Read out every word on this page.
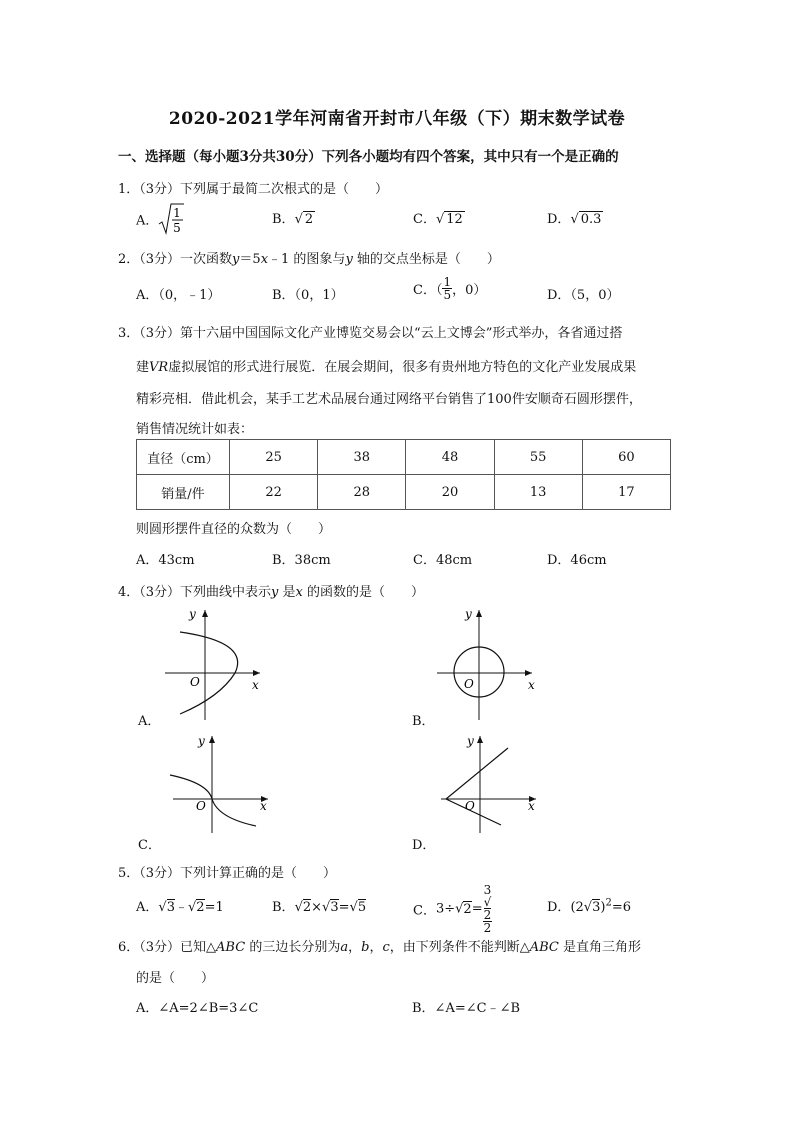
2020-2021学年河南省开封市八年级（下）期末数学试卷
一、选择题（每小题3分共30分）下列各小题均有四个答案，其中只有一个是正确的
1．（3分）下列属于最简二次根式的是（　　）
A．
1
5
B．√ 2	C．√ 12	D．√ 0.3
2．（3分）一次函数y＝5x﹣1 的图象与y 轴的交点坐标是（　　）
A．（0，﹣1）	B．（0，1）	C．（ $\frac{1}{5}$ ，0）	D．（5，0）
3．（3分）第十六届中国国际文化产业博览交易会以“云上文博会”形式举办，各省通过搭
建VR虚拟展馆的形式进行展览．在展会期间，很多有贵州地方特色的文化产业发展成果
精彩亮相．借此机会，某手工艺术品展台通过网络平台销售了100件安顺奇石圆形摆件，
销售情况统计如表：
直径（cm）	25	38	48	55	60
销量/件	22	28	20	13	17
则圆形摆件直径的众数为（　　）
A．43cm	B．38cm	C．48cm	D．46cm
4．（3分）下列曲线中表示y 是x 的函数的是（　　）
y
x
O
A．
y
x
O
B．
y
x
O
C．
y
x
O
D．
5．（3分）下列计算正确的是（　　）
A．√3﹣√2=1	B．√2×√3=√5	C．3÷√2= 3
√
2
2	D．$(2√3)^2=6$
6．（3分）已知△ABC 的三边长分别为a，b，c，由下列条件不能判断△ABC 是直角三角形
的是（　　）
A．∠A=2∠B=3∠C	B．∠A=∠C﹣∠B
